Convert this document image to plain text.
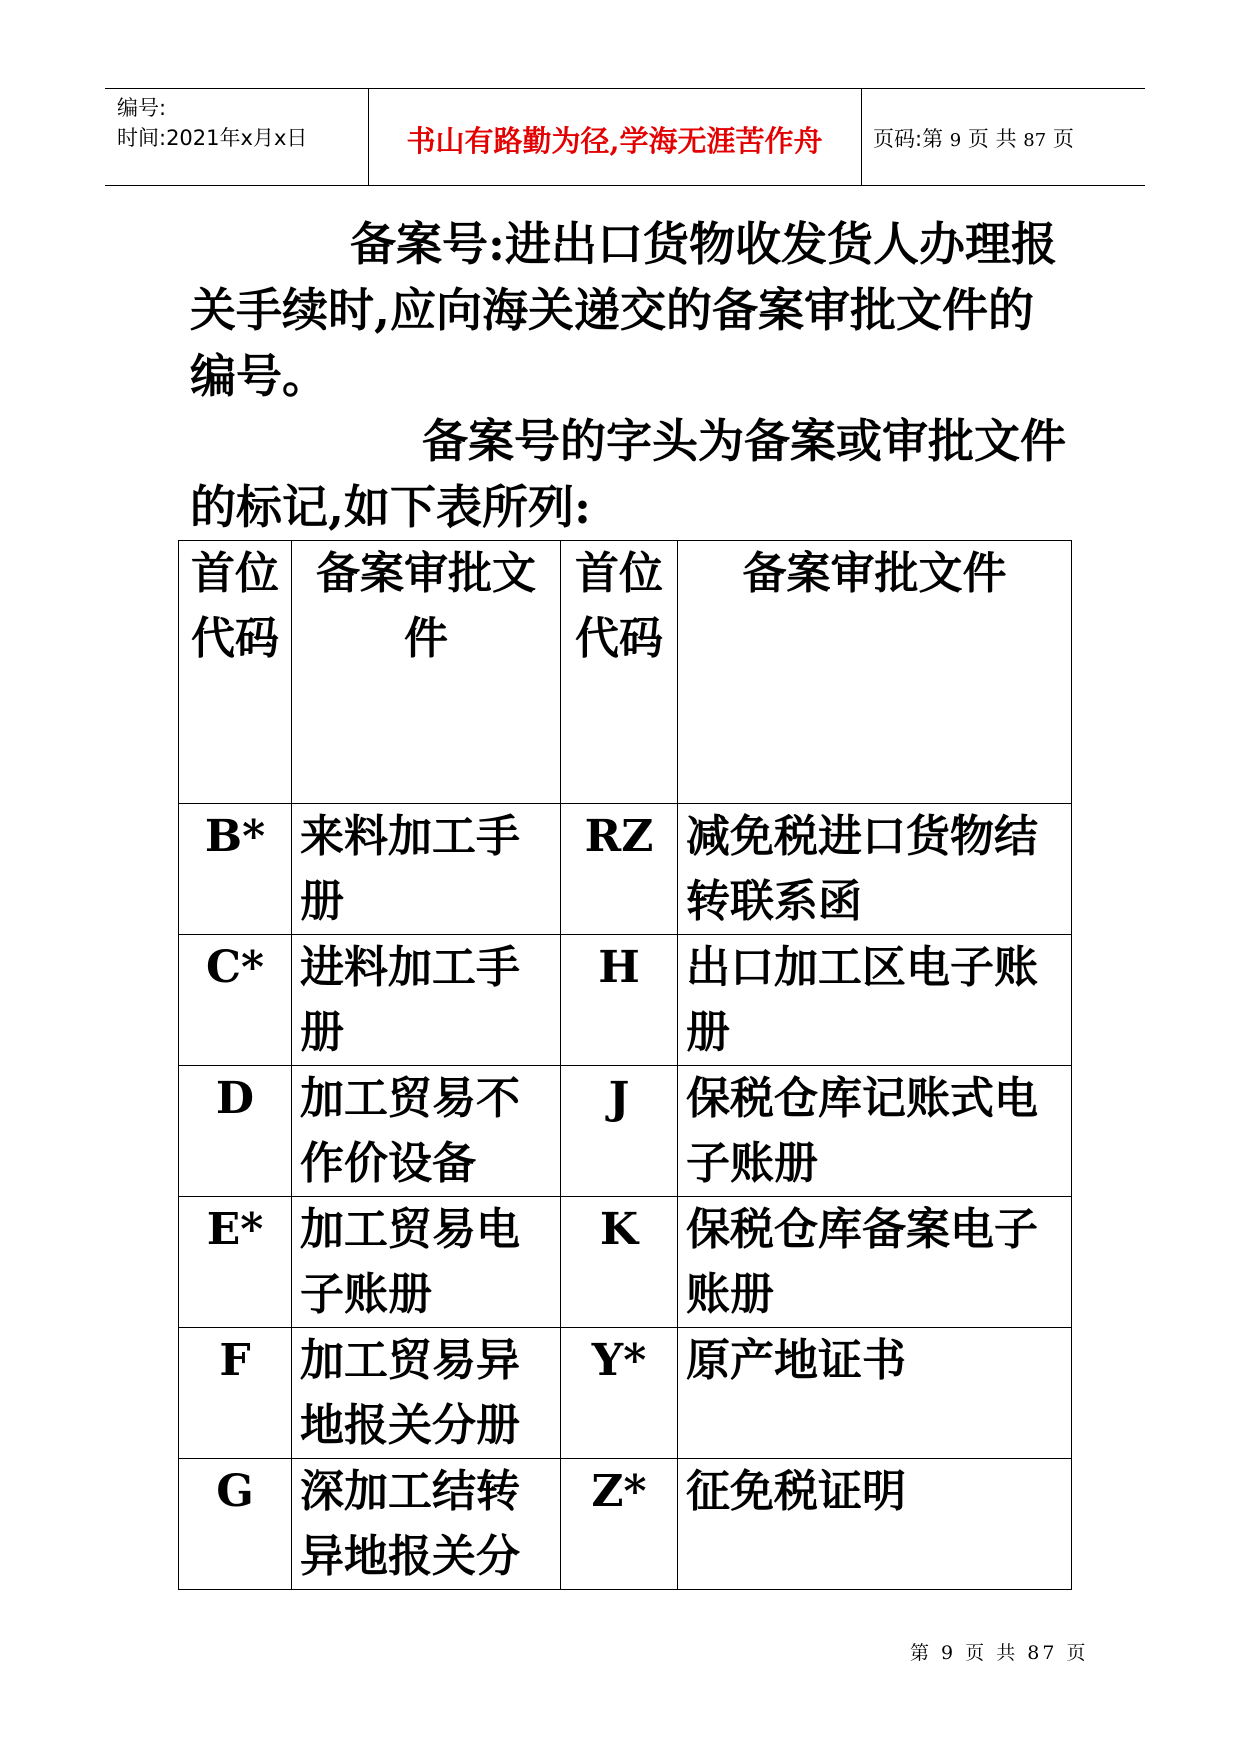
编号:
时间:2021年x月x日	书山有路勤为径,学海无涯苦作舟	页码:第 9 页 共 87 页
备案号:进出口货物收发货人办理报关手续时,应向海关递交的备案审批文件的编号。
备案号的字头为备案或审批文件的标记,如下表所列:
首位代码	备案审批文件	首位代码	备案审批文件
B*	来料加工手册	RZ	减免税进口货物结转联系函
C*	进料加工手册	H	出口加工区电子账册
D	加工贸易不作价设备	J	保税仓库记账式电子账册
E*	加工贸易电子账册	K	保税仓库备案电子账册
F	加工贸易异地报关分册	Y*	原产地证书
G	深加工结转异地报关分	Z*	征免税证明
第 9 页 共 87 页
